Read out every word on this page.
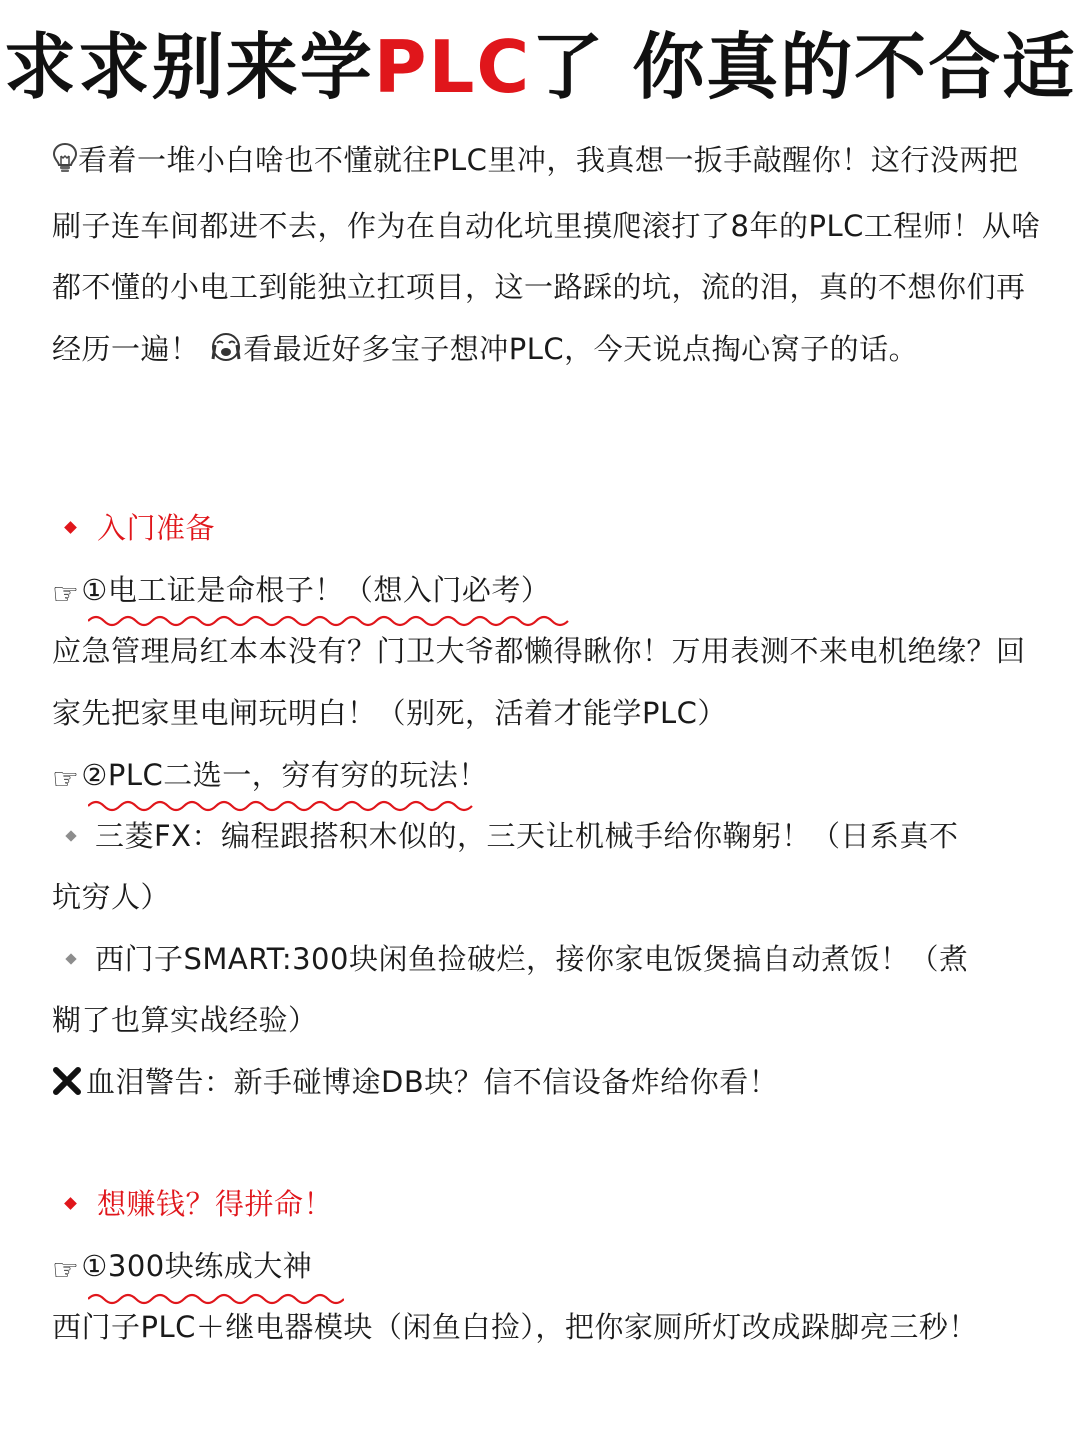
求求别来学PLC了 你真的不合适
看着一堆小白啥也不懂就往PLC里冲，我真想一扳手敲醒你！这行没两把刷子连车间都进不去，作为在自动化坑里摸爬滚打了8年的PLC工程师！从啥都不懂的小电工到能独立扛项目，这一路踩的坑，流的泪，真的不想你们再经历一遍！ 看最近好多宝子想冲PLC，今天说点掏心窝子的话。
入门准备
☞①电工证是命根子！（想入门必考）
应急管理局红本本没有？门卫大爷都懒得瞅你！万用表测不来电机绝缘？回家先把家里电闸玩明白！（别死，活着才能学PLC）
☞②PLC二选一，穷有穷的玩法！
三菱FX：编程跟搭积木似的，三天让机械手给你鞠躬！（日系真不
坑穷人）
西门子SMART:300块闲鱼捡破烂，接你家电饭煲搞自动煮饭！（煮
糊了也算实战经验）
血泪警告：新手碰博途DB块？信不信设备炸给你看！
想赚钱？得拼命！
☞①300块练成大神
西门子PLC＋继电器模块（闲鱼白捡），把你家厕所灯改成跺脚亮三秒！
